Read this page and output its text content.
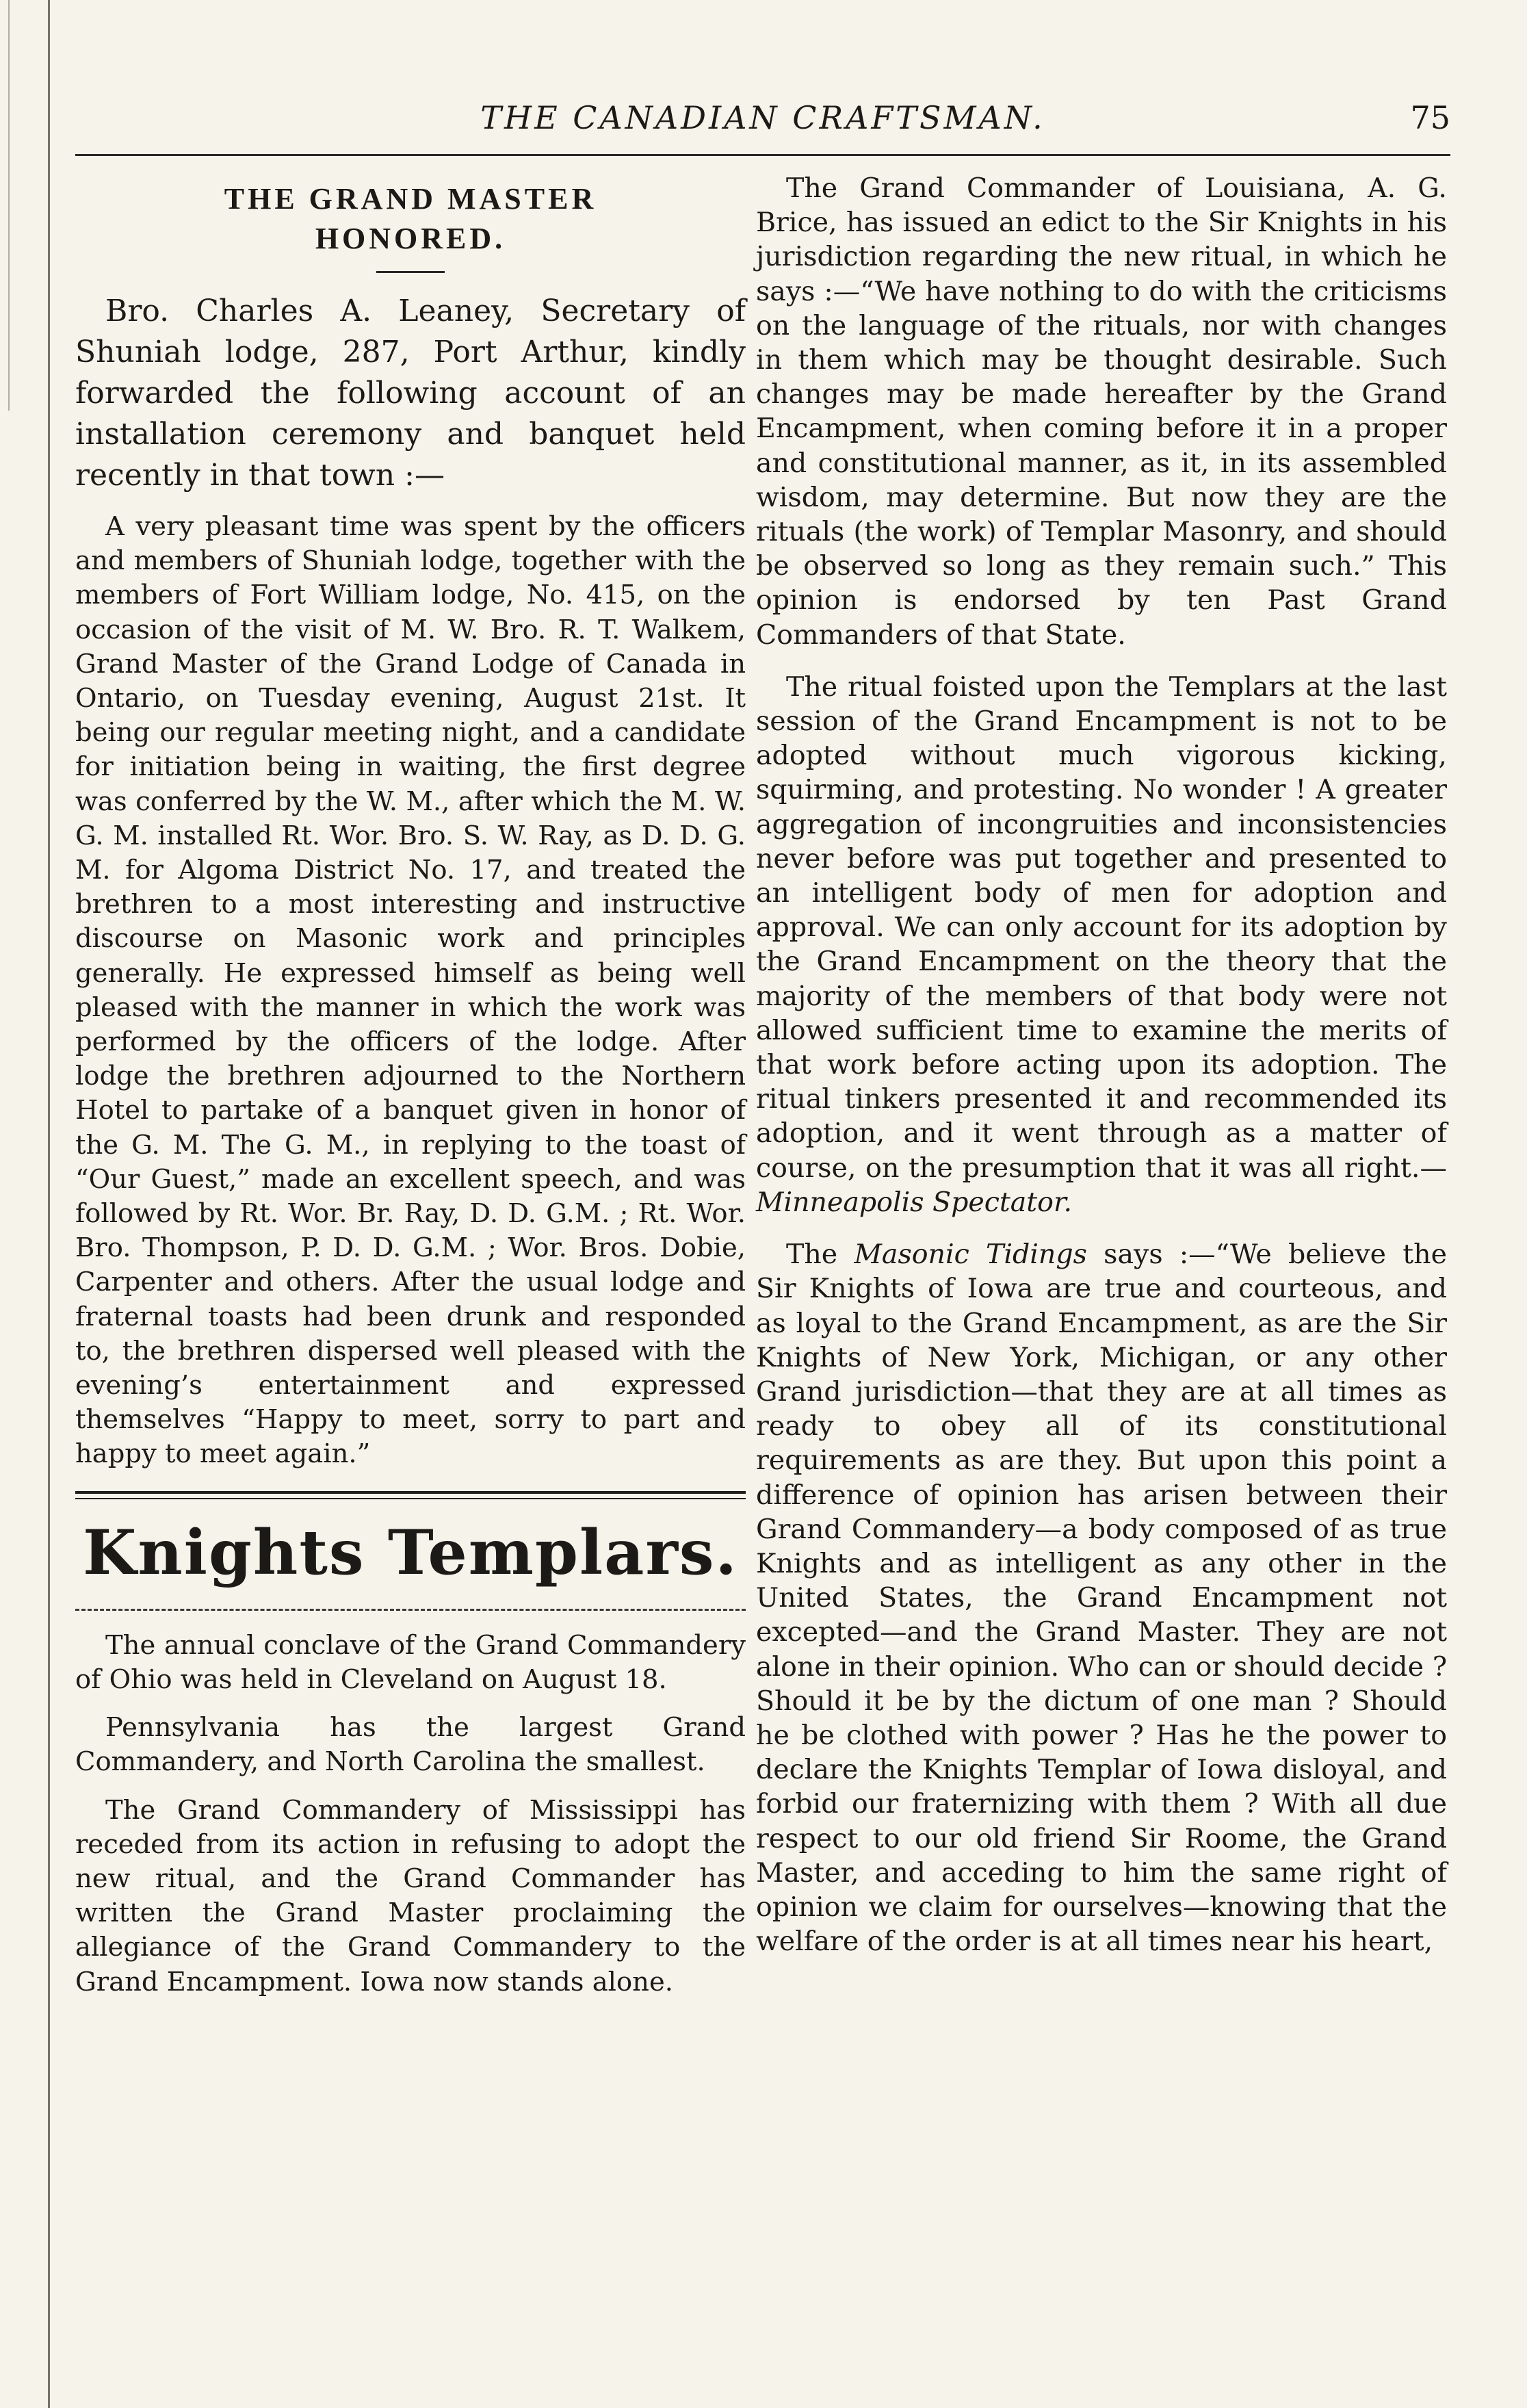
THE CANADIAN CRAFTSMAN.	75
THE GRAND MASTER
HONORED.

Bro. Charles A. Leaney, Secretary of Shuniah lodge, 287, Port Arthur, kindly forwarded the following account of an installation ceremony and banquet held recently in that town :—

A very pleasant time was spent by the officers and members of Shuniah lodge, together with the members of Fort William lodge, No. 415, on the occasion of the visit of M. W. Bro. R. T. Walkem, Grand Master of the Grand Lodge of Canada in Ontario, on Tuesday evening, August 21st. It being our regular meeting night, and a candidate for initiation being in waiting, the first degree was conferred by the W. M., after which the M. W. G. M. installed Rt. Wor. Bro. S. W. Ray, as D. D. G. M. for Algoma District No. 17, and treated the brethren to a most interesting and instructive discourse on Masonic work and principles generally. He expressed himself as being well pleased with the manner in which the work was performed by the officers of the lodge. After lodge the brethren adjourned to the Northern Hotel to partake of a banquet given in honor of the G. M. The G. M., in replying to the toast of “Our Guest,” made an excellent speech, and was followed by Rt. Wor. Br. Ray, D. D. G.M. ; Rt. Wor. Bro. Thompson, P. D. D. G.M. ; Wor. Bros. Dobie, Carpenter and others. After the usual lodge and fraternal toasts had been drunk and responded to, the brethren dispersed well pleased with the evening’s entertainment and expressed themselves “Happy to meet, sorry to part and happy to meet again.”

Knights Templars.

The annual conclave of the Grand Commandery of Ohio was held in Cleveland on August 18.

Pennsylvania has the largest Grand Commandery, and North Carolina the smallest.

The Grand Commandery of Mississippi has receded from its action in refusing to adopt the new ritual, and the Grand Commander has written the Grand Master proclaiming the allegiance of the Grand Commandery to the Grand Encampment. Iowa now stands alone.

The Grand Commander of Louisiana, A. G. Brice, has issued an edict to the Sir Knights in his jurisdiction regarding the new ritual, in which he says :—“We have nothing to do with the criticisms on the language of the rituals, nor with changes in them which may be thought desirable. Such changes may be made hereafter by the Grand Encampment, when coming before it in a proper and constitutional manner, as it, in its assembled wisdom, may determine. But now they are the rituals (the work) of Templar Masonry, and should be observed so long as they remain such.” This opinion is endorsed by ten Past Grand Commanders of that State.

The ritual foisted upon the Templars at the last session of the Grand Encampment is not to be adopted without much vigorous kicking, squirming, and protesting. No wonder ! A greater aggregation of incongruities and inconsistencies never before was put together and presented to an intelligent body of men for adoption and approval. We can only account for its adoption by the Grand Encampment on the theory that the majority of the members of that body were not allowed sufficient time to examine the merits of that work before acting upon its adoption. The ritual tinkers presented it and recommended its adoption, and it went through as a matter of course, on the presumption that it was all right.—Minneapolis Spectator.

The Masonic Tidings says :—“We believe the Sir Knights of Iowa are true and courteous, and as loyal to the Grand Encampment, as are the Sir Knights of New York, Michigan, or any other Grand jurisdiction—that they are at all times as ready to obey all of its constitutional requirements as are they. But upon this point a difference of opinion has arisen between their Grand Commandery—a body composed of as true Knights and as intelligent as any other in the United States, the Grand Encampment not excepted—and the Grand Master. They are not alone in their opinion. Who can or should decide ? Should it be by the dictum of one man ? Should he be clothed with power ? Has he the power to declare the Knights Templar of Iowa disloyal, and forbid our fraternizing with them ? With all due respect to our old friend Sir Roome, the Grand Master, and acceding to him the same right of opinion we claim for ourselves—knowing that the welfare of the order is at all times near his heart,
